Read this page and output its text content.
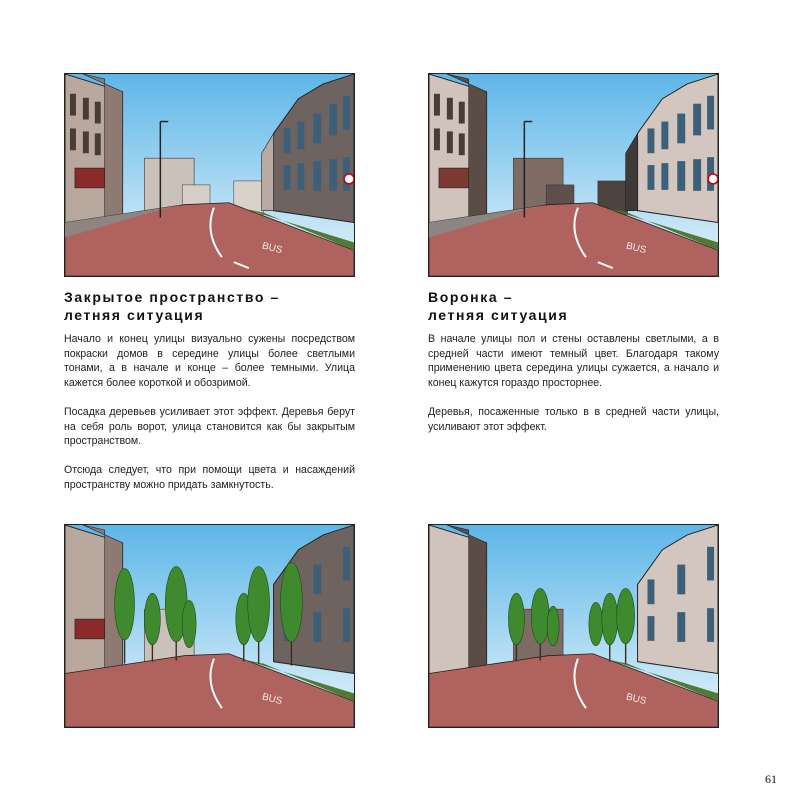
BUS	BUS
Закрытое пространство –
летняя ситуация
Воронка –
летняя ситуация

Начало и конец улицы визуально сужены посредством покраски домов в середине улицы более светлыми тонами, а в начале и конце – более темными. Улица кажется более короткой и обозримой.

Посадка деревьев усиливает этот эффект. Деревья берут на себя роль ворот, улица становится как бы закрытым пространством.

Отсюда следует, что при помощи цвета и насаждений пространству можно придать замкнутость.

В начале улицы пол и стены оставлены светлыми, а в средней части имеют темный цвет. Благодаря такому применению цвета середина улицы сужается, а начало и конец кажутся гораздо просторнее.

Деревья, посаженные только в в средней части улицы, усиливают этот эффект.

BUS	BUS
61
